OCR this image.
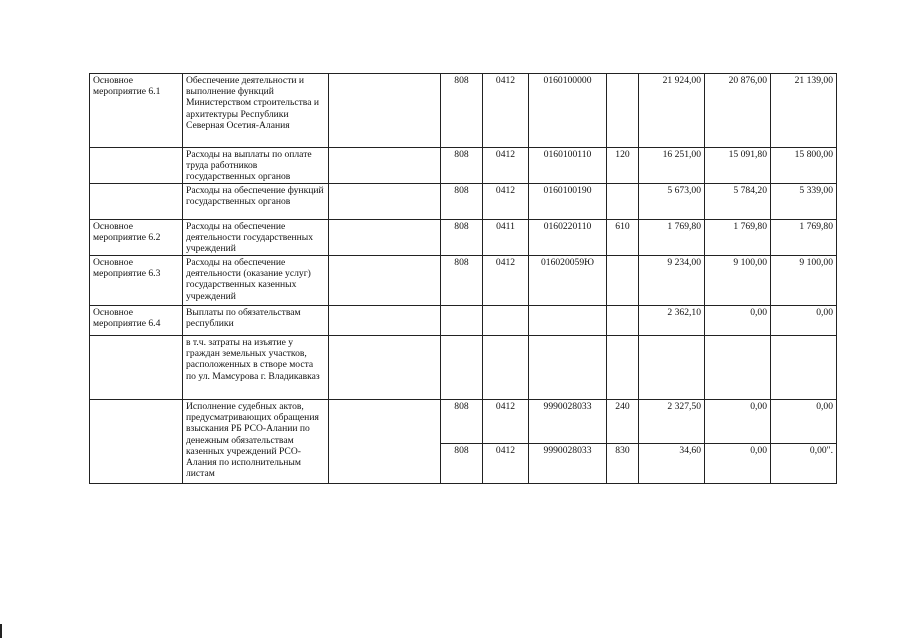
Основное мероприятие 6.1	Обеспечение деятельности и выполнение функций Министерством строительства и архитектуры Республики Северная Осетия-Алания		808	0412	0160100000		21 924,00	20 876,00	21 139,00
	Расходы на выплаты по оплате труда работников государственных органов		808	0412	0160100110	120	16 251,00	15 091,80	15 800,00
	Расходы на обеспечение функций государственных органов		808	0412	0160100190		5 673,00	5 784,20	5 339,00
Основное мероприятие 6.2	Расходы на обеспечение деятельности государственных учреждений		808	0411	0160220110	610	1 769,80	1 769,80	1 769,80
Основное мероприятие 6.3	Расходы на обеспечение деятельности (оказание услуг) государственных казенных учреждений		808	0412	016020059Ю		9 234,00	9 100,00	9 100,00
Основное мероприятие 6.4	Выплаты по обязательствам республики						2 362,10	0,00	0,00
	в т.ч. затраты на изъятие у граждан земельных участков, расположенных в створе моста по ул. Мамсурова г. Владикавказ								
	Исполнение судебных актов, предусматривающих обращения взыскания РБ РСО-Алании по денежным обязательствам казенных учреждений РСО-Алания по исполнительным листам		808	0412	9990028033	240	2 327,50	0,00	0,00
			808	0412	9990028033	830	34,60	0,00	0,00".
